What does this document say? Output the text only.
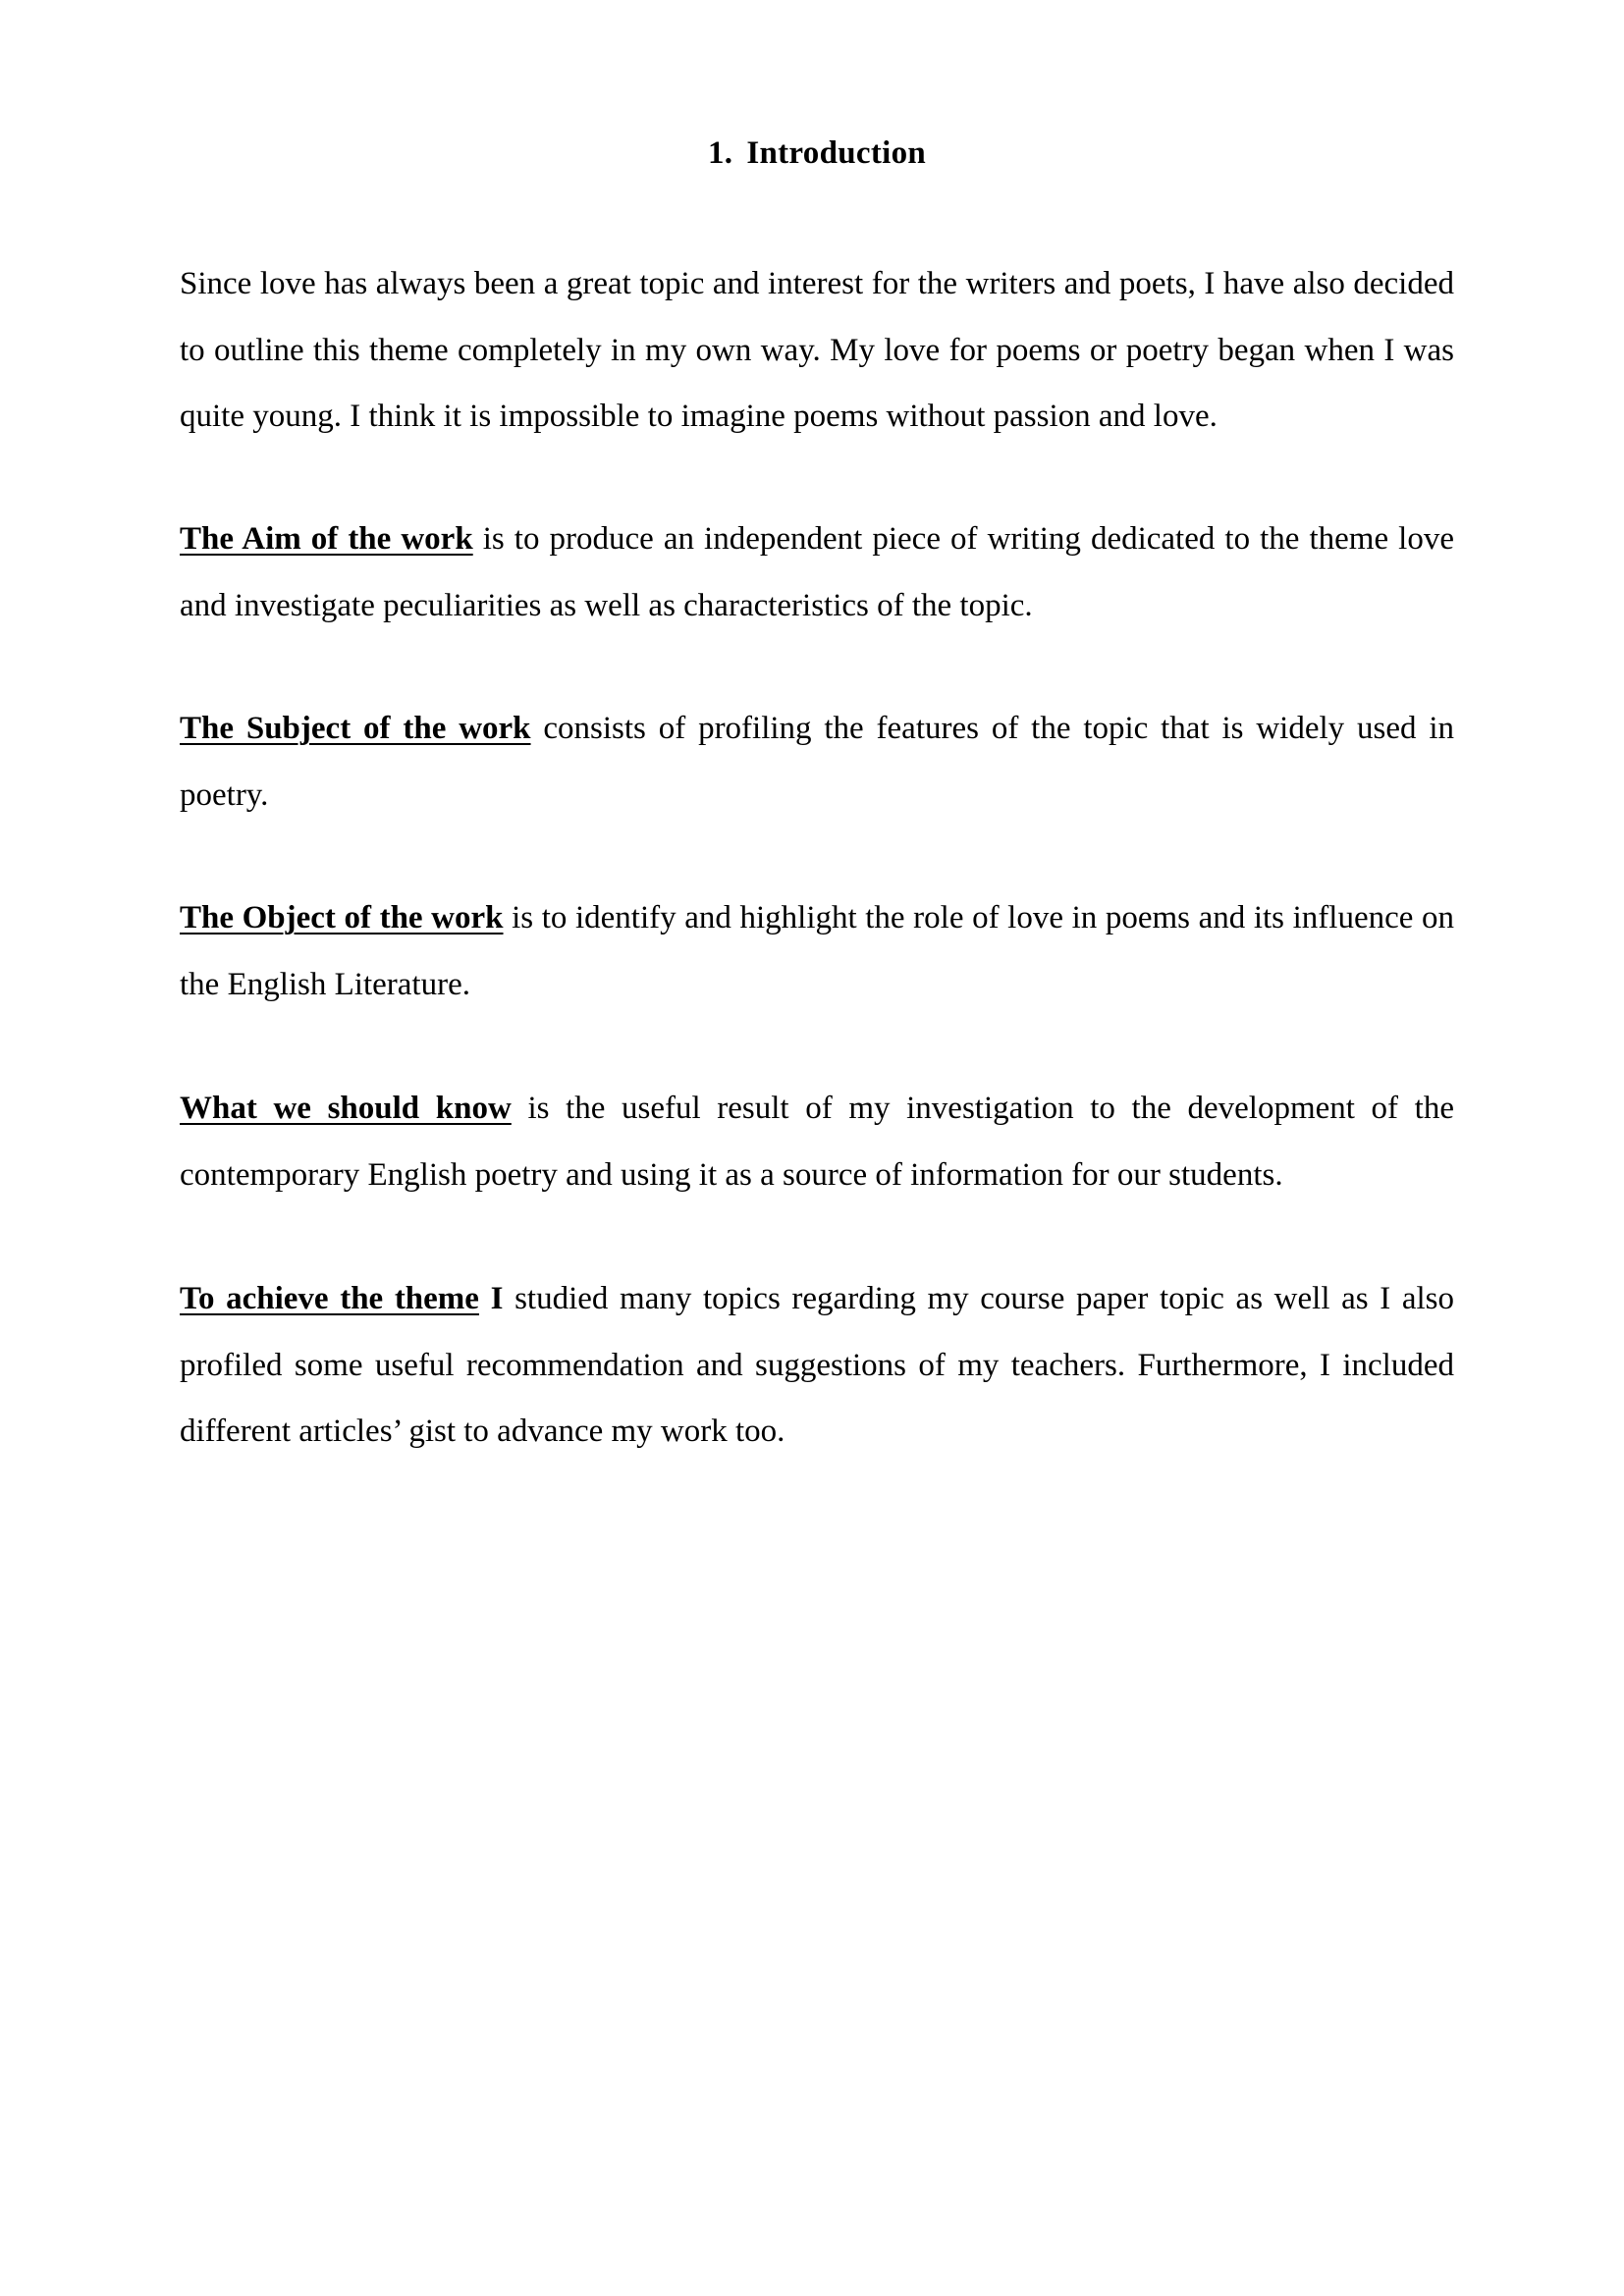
1. Introduction

Since love has always been a great topic and interest for the writers and poets, I have also decided to outline this theme completely in my own way. My love for poems or poetry began when I was quite young. I think it is impossible to imagine poems without passion and love.

The Aim of the work is to produce an independent piece of writing dedicated to the theme love and investigate peculiarities as well as characteristics of the topic.

The Subject of the work consists of profiling the features of the topic that is widely used in poetry.

The Object of the work is to identify and highlight the role of love in poems and its influence on the English Literature.

What we should know is the useful result of my investigation to the development of the contemporary English poetry and using it as a source of information for our students.

To achieve the theme I studied many topics regarding my course paper topic as well as I also profiled some useful recommendation and suggestions of my teachers. Furthermore, I included different articles’ gist to advance my work too.
